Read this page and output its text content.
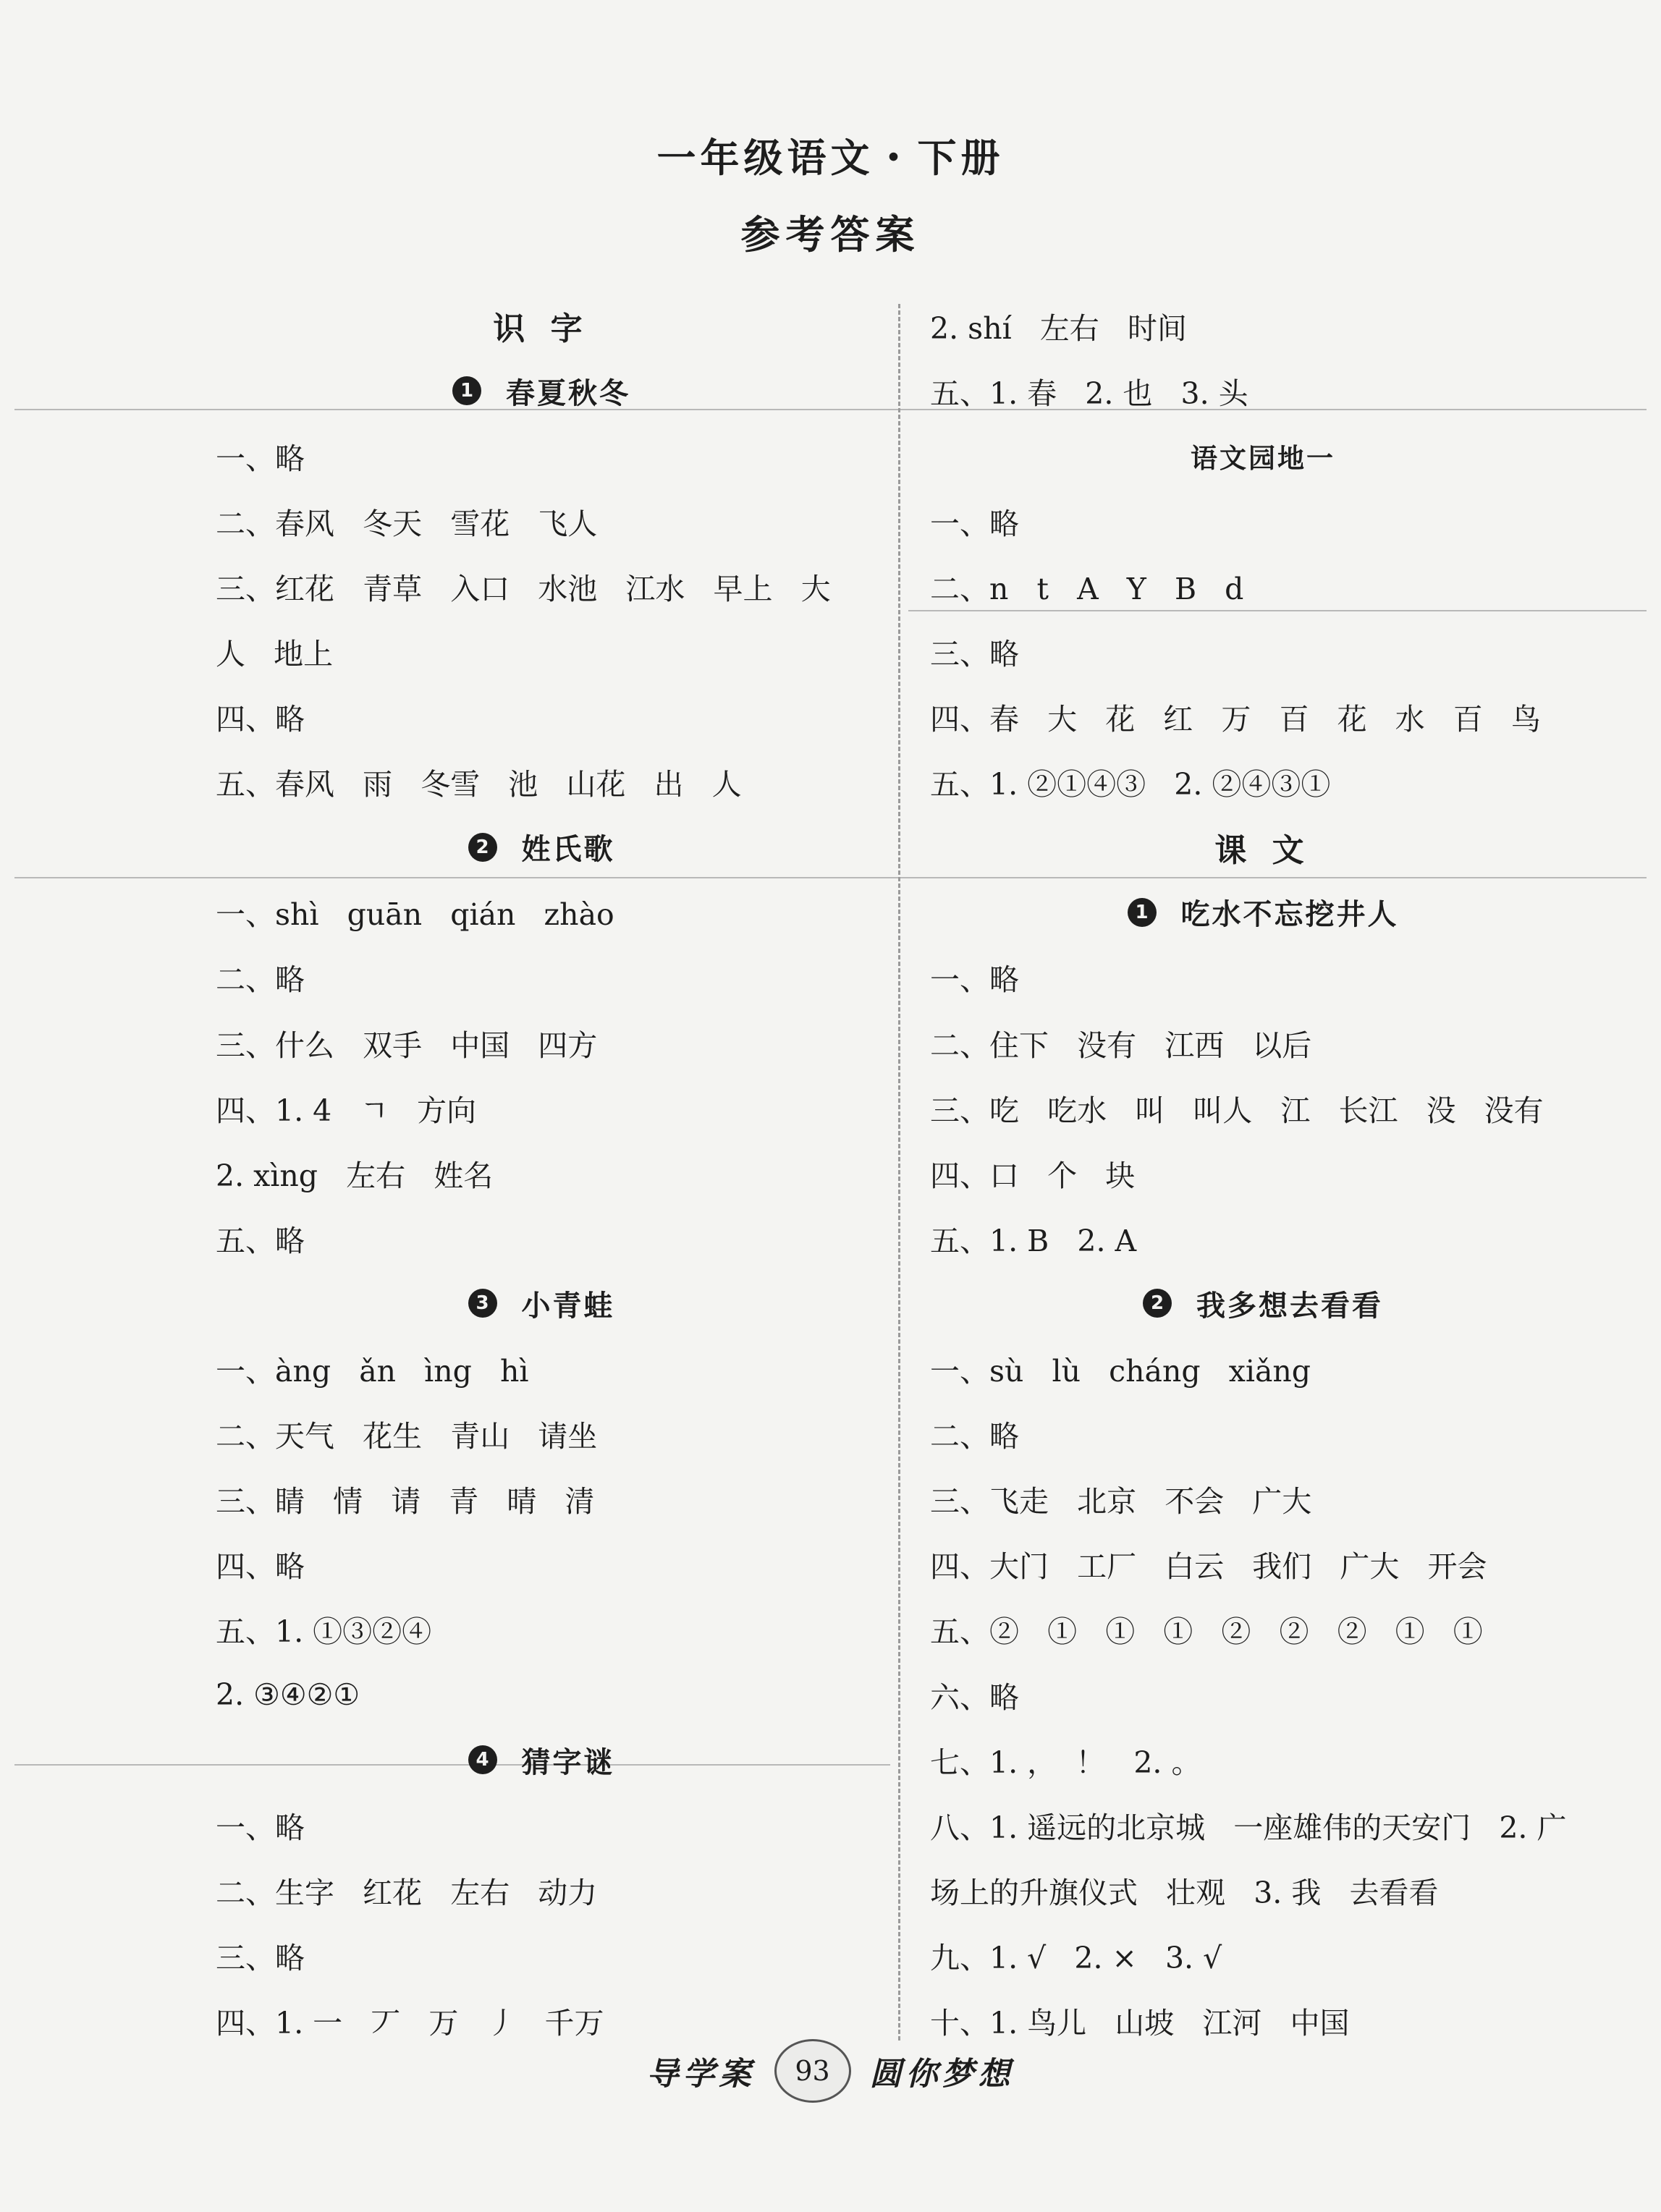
一年级语文・下册
参考答案
识 字
1 春夏秋冬
一、略
二、春风   冬天   雪花   飞人
三、红花   青草   入口   水池   江水   早上   大
人   地上
四、略
五、春风   雨   冬雪   池   山花   出   人
2 姓氏歌
一、shì   guān   qián   zhào
二、略
三、什么   双手   中国   四方
四、1. 4   ㄱ   方向
2. xìng   左右   姓名
五、略
3 小青蛙
一、àng   ǎn   ìng   hì
二、天气   花生   青山   请坐
三、睛   情   请   青   晴   清
四、略
五、1. ①③②④
2. ③④②①
4 猜字谜
一、略
二、生字   红花   左右   动力
三、略
四、1. 一   丆   万   丿   千万
2. shí   左右   时间
五、1. 春   2. 也   3. 头
语文园地一
一、略
二、n   t   A   Y   B   d
三、略
四、春   大   花   红   万   百   花   水   百   鸟
五、1. ②①④③   2. ②④③①
课 文
1 吃水不忘挖井人
一、略
二、住下   没有   江西   以后
三、吃   吃水   叫   叫人   江   长江   没   没有
四、口   个   块
五、1. B   2. A
2 我多想去看看
一、sù   lù   cháng   xiǎng
二、略
三、飞走   北京   不会   广大
四、大门   工厂   白云   我们   广大   开会
五、②   ①   ①   ①   ②   ②   ②   ①   ①
六、略
七、1. ，  ！   2. 。
八、1. 遥远的北京城   一座雄伟的天安门   2. 广
场上的升旗仪式   壮观   3. 我   去看看
九、1. √   2. ×   3. √
十、1. 鸟儿   山坡   江河   中国
导学案	93	圆你梦想
